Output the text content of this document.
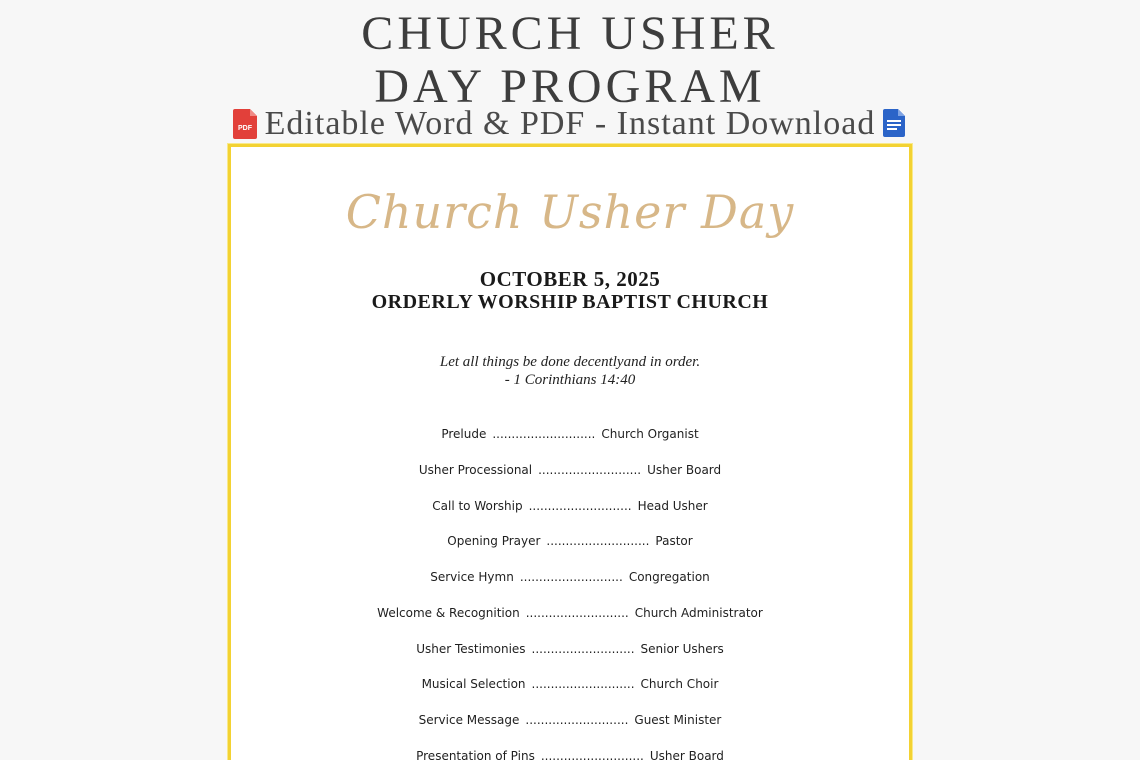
CHURCH USHER
DAY PROGRAM
PDF Editable Word & PDF - Instant Download
Church Usher Day
OCTOBER 5, 2025
ORDERLY WORSHIP BAPTIST CHURCH
Let all things be done decentlyand in order.
- 1 Corinthians 14:40
Prelude ........................... Church Organist
Usher Processional ........................... Usher Board
Call to Worship ........................... Head Usher
Opening Prayer ........................... Pastor
Service Hymn ........................... Congregation
Welcome & Recognition ........................... Church Administrator
Usher Testimonies ........................... Senior Ushers
Musical Selection ........................... Church Choir
Service Message ........................... Guest Minister
Presentation of Pins ........................... Usher Board
